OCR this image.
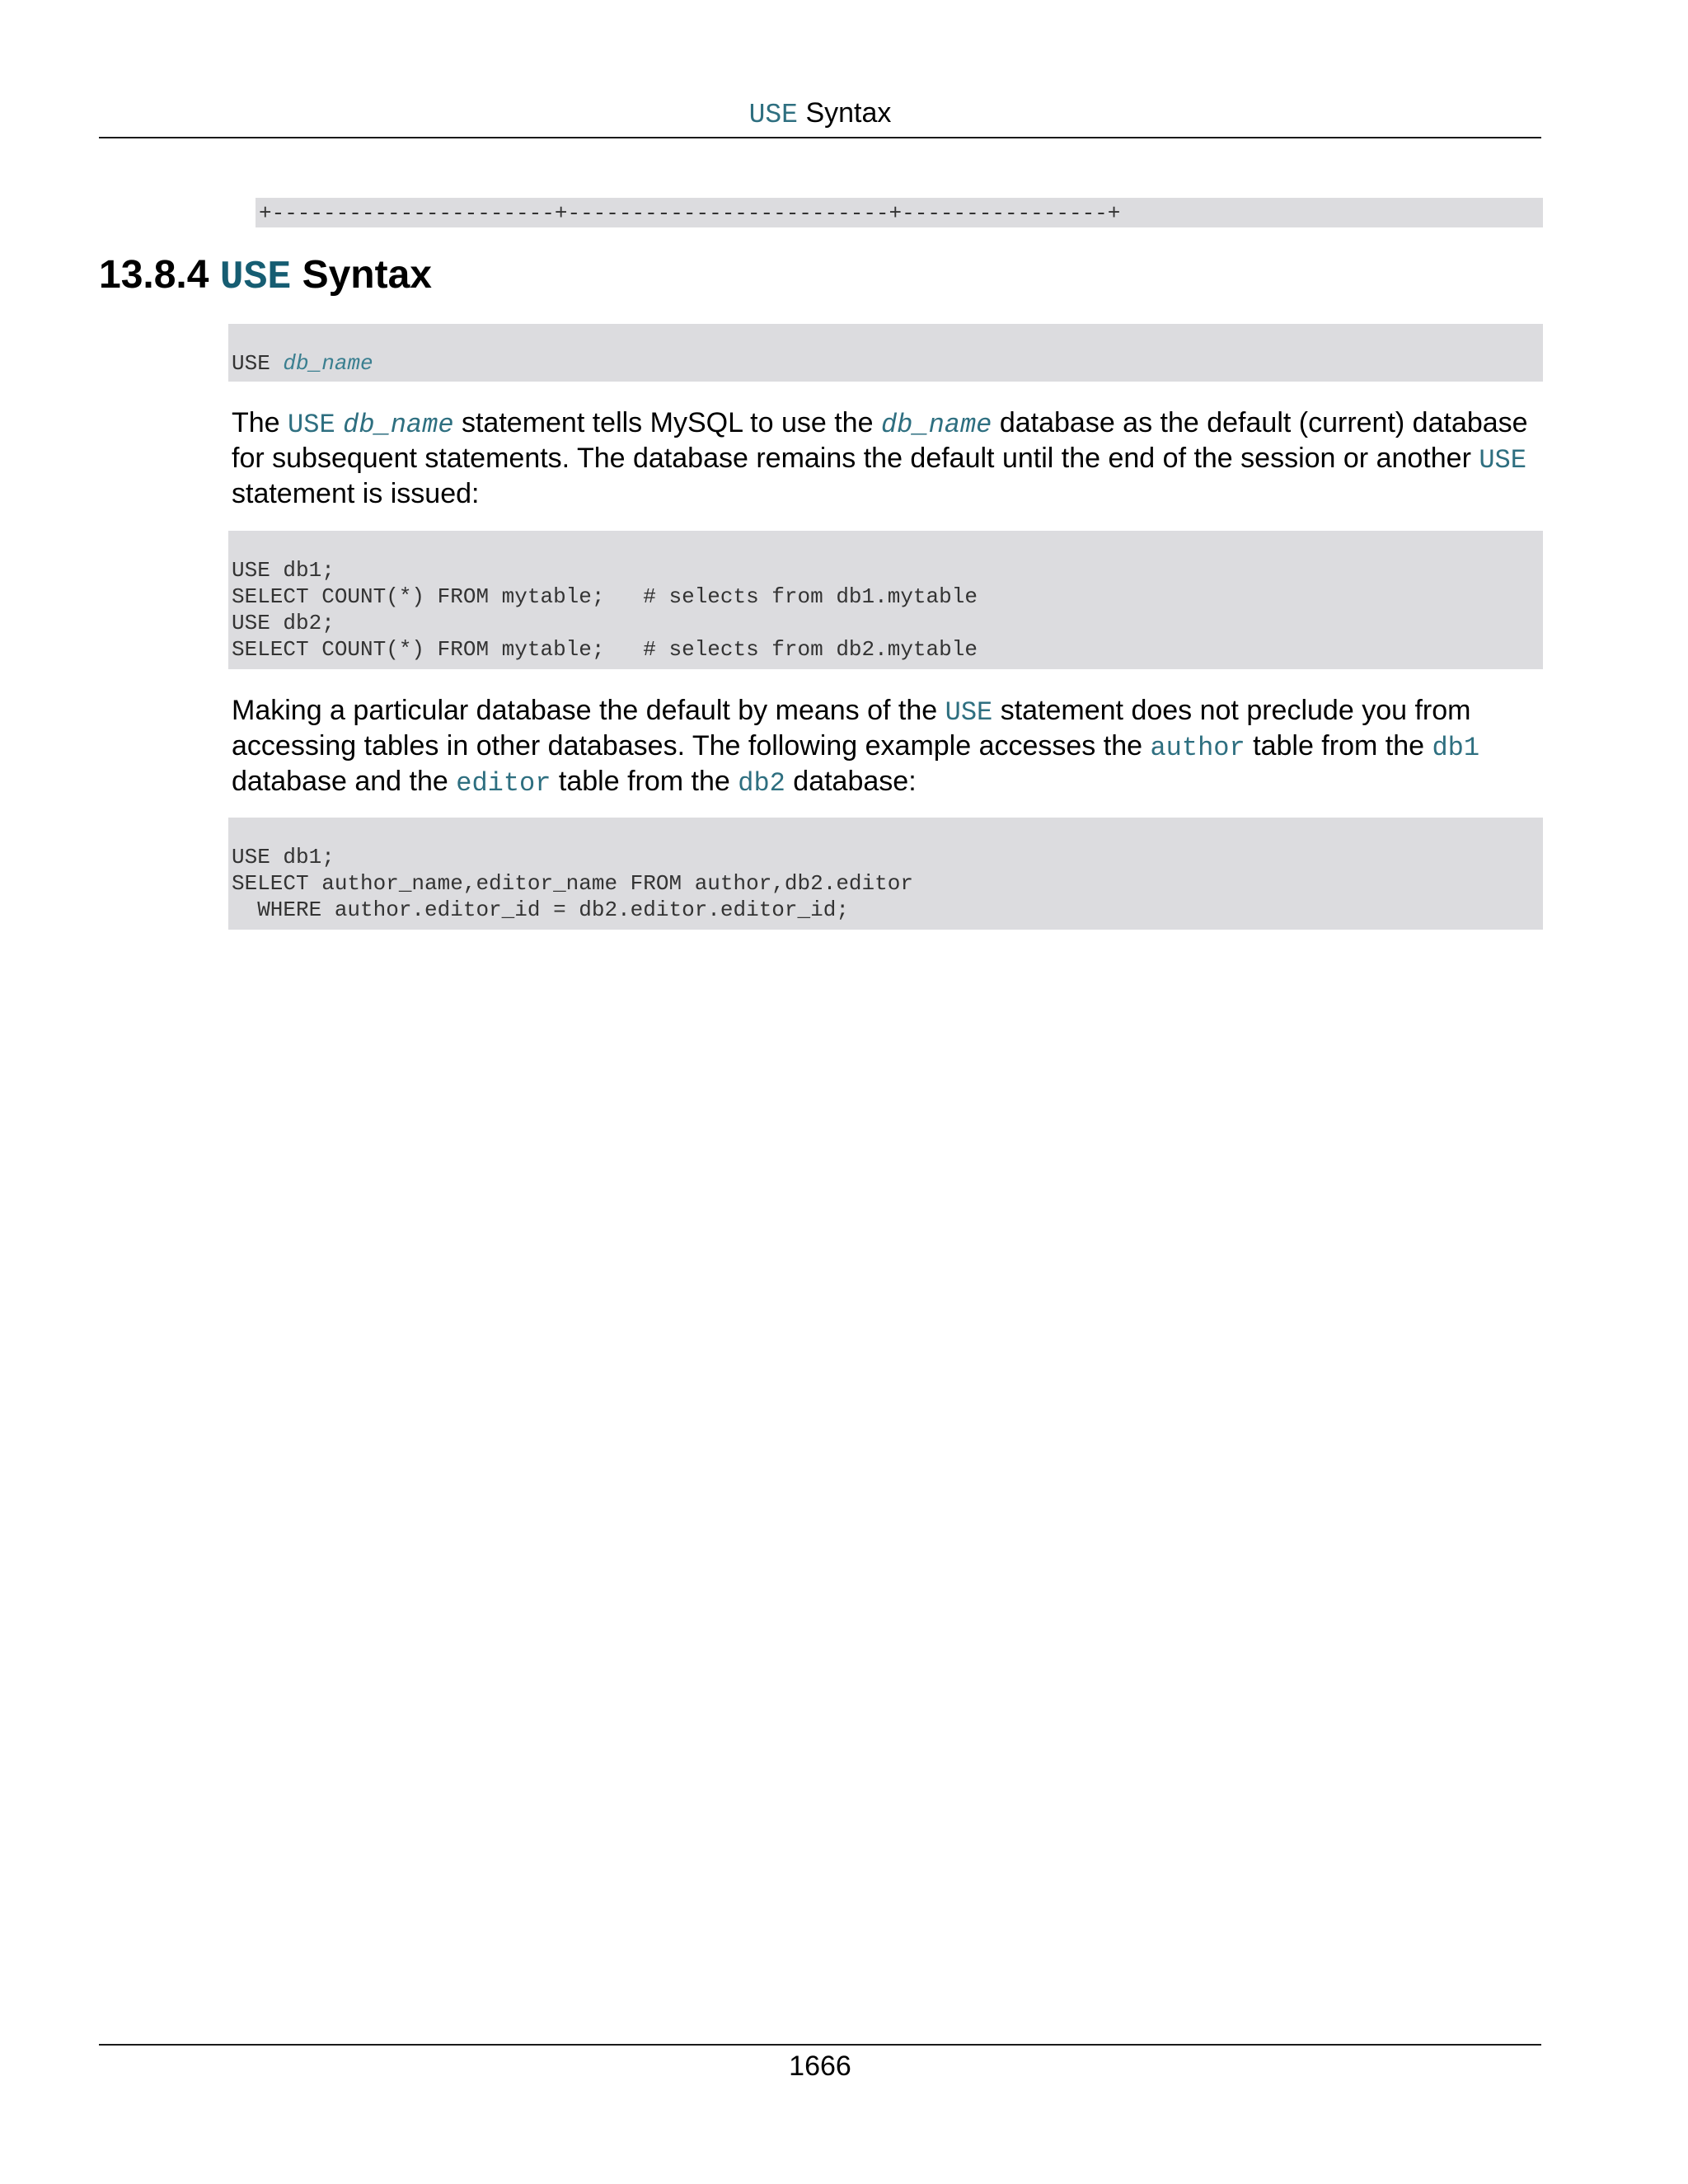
USE Syntax
+----------------------+-------------------------+----------------+
13.8.4 USE Syntax
USE db_name

The USE db_name statement tells MySQL to use the db_name database as the default (current) database for subsequent statements. The database remains the default until the end of the session or another USE
statement is issued:

USE db1;
SELECT COUNT(*) FROM mytable;   # selects from db1.mytable
USE db2;
SELECT COUNT(*) FROM mytable;   # selects from db2.mytable

Making a particular database the default by means of the USE statement does not preclude you from accessing tables in other databases. The following example accesses the author table from the db1
database and the editor table from the db2 database:

USE db1;
SELECT author_name,editor_name FROM author,db2.editor
WHERE author.editor_id = db2.editor.editor_id;
1666
